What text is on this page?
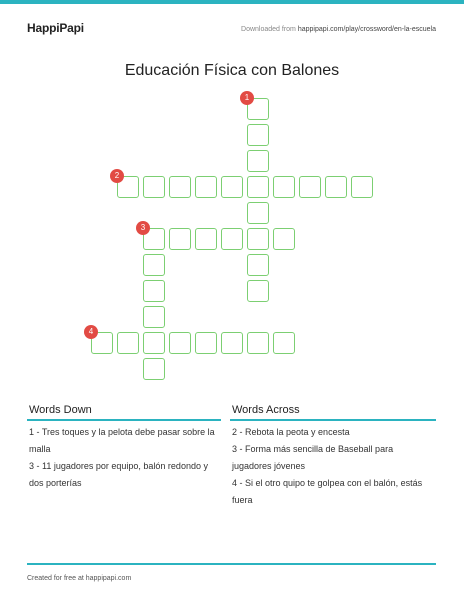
HappiPapi	Downloaded from happipapi.com/play/crossword/en-la-escuela
Educación Física con Balones
1
2
3
4
Words Down

1 - Tres toques y la pelota debe pasar sobre la malla

3 - 11 jugadores por equipo, balón redondo y dos porterías

Words Across

2 - Rebota la peota y encesta

3 - Forma más sencilla de Baseball para jugadores jóvenes

4 - Si el otro quipo te golpea con el balón, estás fuera

Created for free at happipapi.com
